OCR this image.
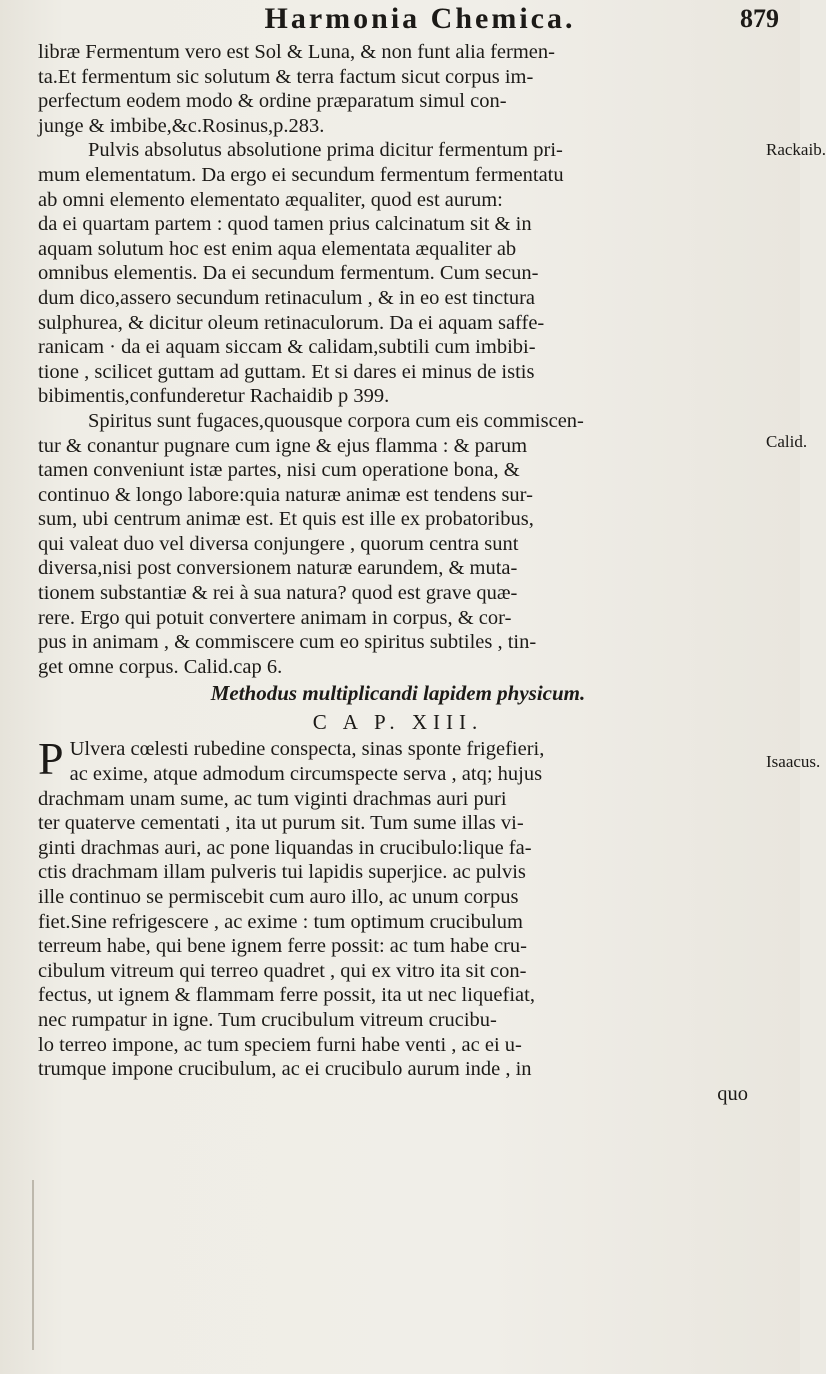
Harmonia Chemica.	879
Rackaib.
Calid.
Isaacus.
libræ Fermentum vero est Sol & Luna, & non funt alia fermen-
ta.Et fermentum sic solutum & terra factum sicut corpus im-
perfectum eodem modo & ordine præparatum simul con-
junge & imbibe,&c.Rosinus,p.283.
Pulvis absolutus absolutione prima dicitur fermentum pri-
mum elementatum. Da ergo ei secundum fermentum fermentatu
ab omni elemento elementato æqualiter, quod est aurum:
da ei quartam partem : quod tamen prius calcinatum sit & in
aquam solutum hoc est enim aqua elementata æqualiter ab
omnibus elementis. Da ei secundum fermentum. Cum secun-
dum dico,assero secundum retinaculum , & in eo est tinctura
sulphurea, & dicitur oleum retinaculorum. Da ei aquam saffe-
ranicam · da ei aquam siccam & calidam,subtili cum imbibi-
tione , scilicet guttam ad guttam. Et si dares ei minus de istis
bibimentis,confunderetur Rachaidib p 399.
Spiritus sunt fugaces,quousque corpora cum eis commiscen-
tur & conantur pugnare cum igne & ejus flamma : & parum
tamen conveniunt istæ partes, nisi cum operatione bona, &
continuo & longo labore:quia naturæ animæ est tendens sur-
sum, ubi centrum animæ est. Et quis est ille ex probatoribus,
qui valeat duo vel diversa conjungere , quorum centra sunt
diversa,nisi post conversionem naturæ earundem, & muta-
tionem substantiæ & rei à sua natura? quod est grave quæ-
rere. Ergo qui potuit convertere animam in corpus, & cor-
pus in animam , & commiscere cum eo spiritus subtiles , tin-
get omne corpus. Calid.cap 6.
Methodus multiplicandi lapidem physicum.
C A P. XIII.
P Ulvera cœlesti rubedine conspecta, sinas sponte frigefieri,
ac exime, atque admodum circumspecte serva , atq; hujus
drachmam unam sume, ac tum viginti drachmas auri puri
ter quaterve cementati , ita ut purum sit. Tum sume illas vi-
ginti drachmas auri, ac pone liquandas in crucibulo:lique fa-
ctis drachmam illam pulveris tui lapidis superjice. ac pulvis
ille continuo se permiscebit cum auro illo, ac unum corpus
fiet.Sine refrigescere , ac exime : tum optimum crucibulum
terreum habe, qui bene ignem ferre possit: ac tum habe cru-
cibulum vitreum qui terreo quadret , qui ex vitro ita sit con-
fectus, ut ignem & flammam ferre possit, ita ut nec liquefiat,
nec rumpatur in igne. Tum crucibulum vitreum crucibu-
lo terreo impone, ac tum speciem furni habe venti , ac ei u-
trumque impone crucibulum, ac ei crucibulo aurum inde , in
quo
